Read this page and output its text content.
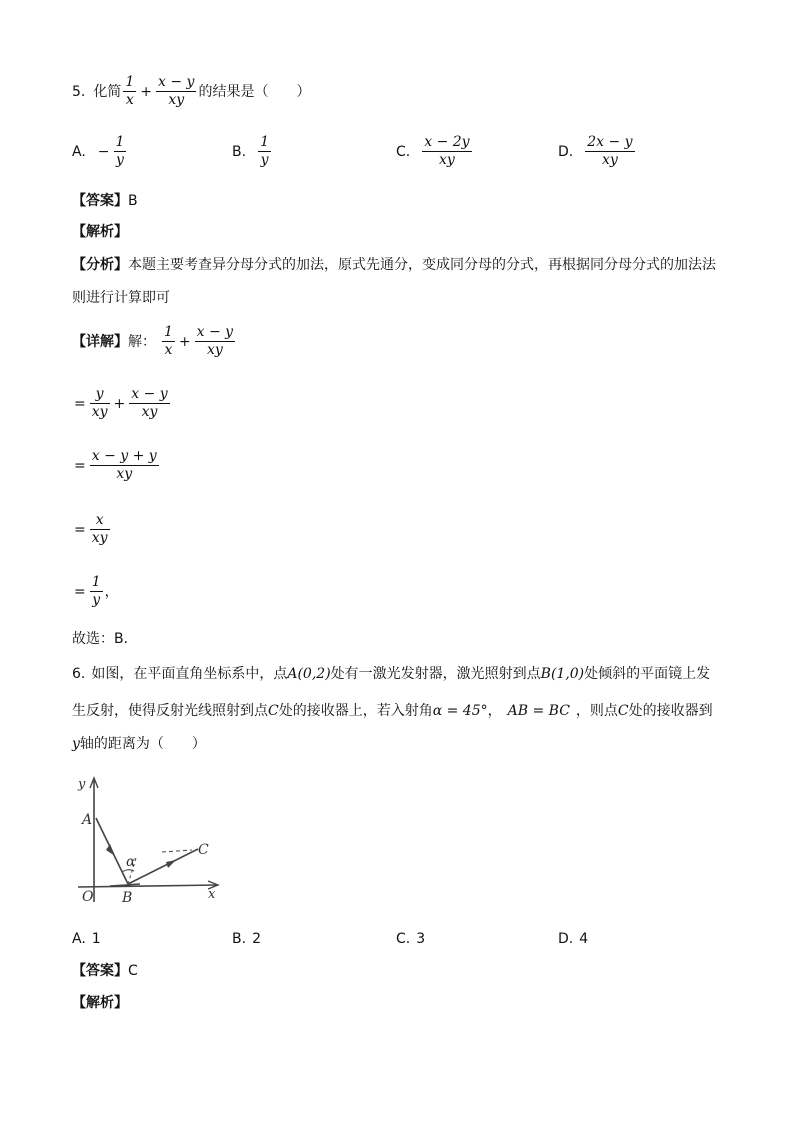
5. 化简 $\frac{1}{x} + \frac{x - y}{xy}$ 的结果是（　　）
A. − $\frac{1}{y}$	B. $\frac{1}{y}$	C. $\frac{x - 2y}{xy}$	D. $\frac{2x - y}{xy}$
【答案】B
【解析】
【分析】本题主要考查异分母分式的加法，原式先通分，变成同分母的分式，再根据同分母分式的加法法
则进行计算即可
【详解】 解： $\frac{1}{x} + \frac{x - y}{xy}$
= $\frac{y}{xy} + \frac{x - y}{xy}$
= $\frac{x - y + y}{xy}$
= $\frac{x}{xy}$
= $\frac{1}{y}$ ，
故选：B．
6. 如图，在平面直角坐标系中，点A(0,2)处有一激光发射器，激光照射到点B(1,0)处倾斜的平面镜上发
生反射，使得反射光线照射到点C处的接收器上，若入射角α = 45°， AB = BC ，则点C处的接收器到
y轴的距离为（　　）
y
x
A
B
C
O
α
A. 1	B. 2	C. 3	D. 4
【答案】C
【解析】
